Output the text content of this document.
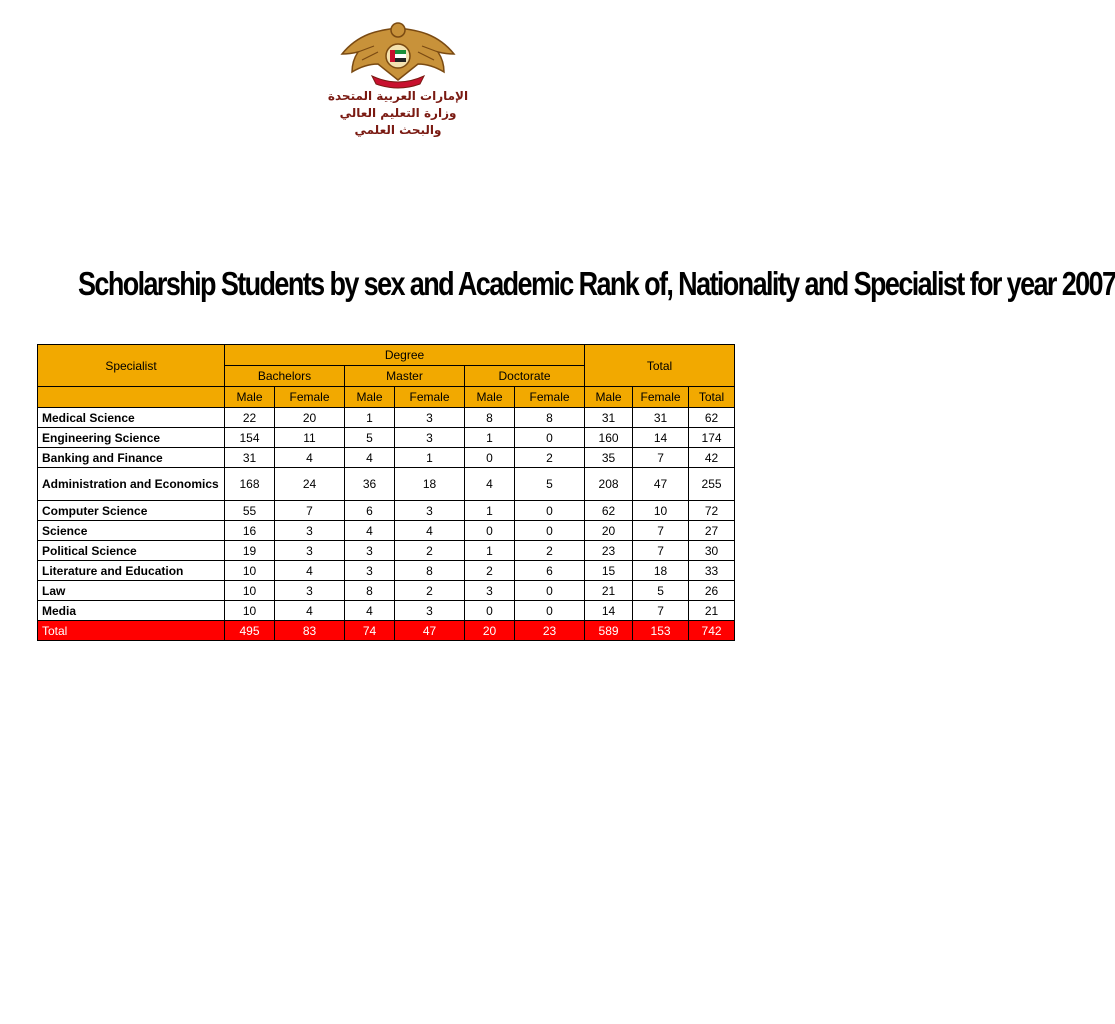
الإمارات العربية المتحدة
وزارة التعليم العالي
والبحث العلمي
Scholarship Students by sex and Academic Rank of, Nationality and Specialist for year 2007
Specialist	Degree						Total		
	Bachelors		Master		Doctorate				
	Male	Female	Male	Female	Male	Female	Male	Female	Total
Medical Science	22	20	1	3	8	8	31	31	62
Engineering Science	154	11	5	3	1	0	160	14	174
Banking and Finance	31	4	4	1	0	2	35	7	42
Administration and Economics	168	24	36	18	4	5	208	47	255
Computer Science	55	7	6	3	1	0	62	10	72
Science	16	3	4	4	0	0	20	7	27
Political Science	19	3	3	2	1	2	23	7	30
Literature and Education	10	4	3	8	2	6	15	18	33
Law	10	3	8	2	3	0	21	5	26
Media	10	4	4	3	0	0	14	7	21
Total	495	83	74	47	20	23	589	153	742
